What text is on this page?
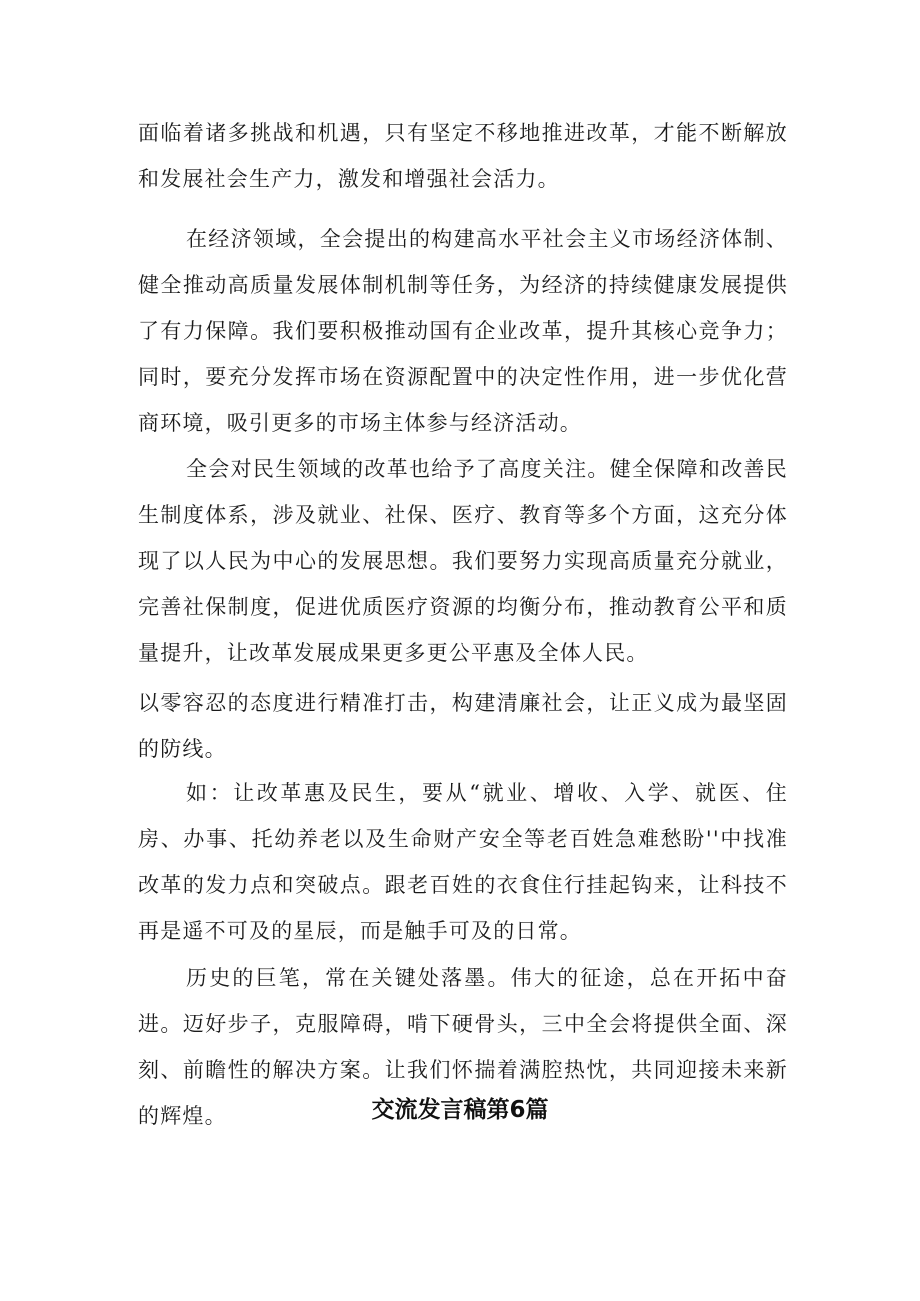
面临着诸多挑战和机遇，只有坚定不移地推进改革，才能不断解放和发展社会生产力，激发和增强社会活力。

在经济领域，全会提出的构建高水平社会主义市场经济体制、健全推动高质量发展体制机制等任务，为经济的持续健康发展提供了有力保障。我们要积极推动国有企业改革，提升其核心竞争力；同时，要充分发挥市场在资源配置中的决定性作用，进一步优化营商环境，吸引更多的市场主体参与经济活动。

全会对民生领域的改革也给予了高度关注。健全保障和改善民生制度体系，涉及就业、社保、医疗、教育等多个方面，这充分体现了以人民为中心的发展思想。我们要努力实现高质量充分就业，完善社保制度，促进优质医疗资源的均衡分布，推动教育公平和质量提升，让改革发展成果更多更公平惠及全体人民。

以零容忍的态度进行精准打击，构建清廉社会，让正义成为最坚固的防线。

如：让改革惠及民生，要从“就业、增收、入学、就医、住房、办事、托幼养老以及生命财产安全等老百姓急难愁盼''中找准改革的发力点和突破点。跟老百姓的衣食住行挂起钩来，让科技不再是遥不可及的星辰，而是触手可及的日常。

历史的巨笔，常在关键处落墨。伟大的征途，总在开拓中奋进。迈好步子，克服障碍，啃下硬骨头，三中全会将提供全面、深刻、前瞻性的解决方案。让我们怀揣着满腔热忱，共同迎接未来新的辉煌。	交流发言稿第6篇
